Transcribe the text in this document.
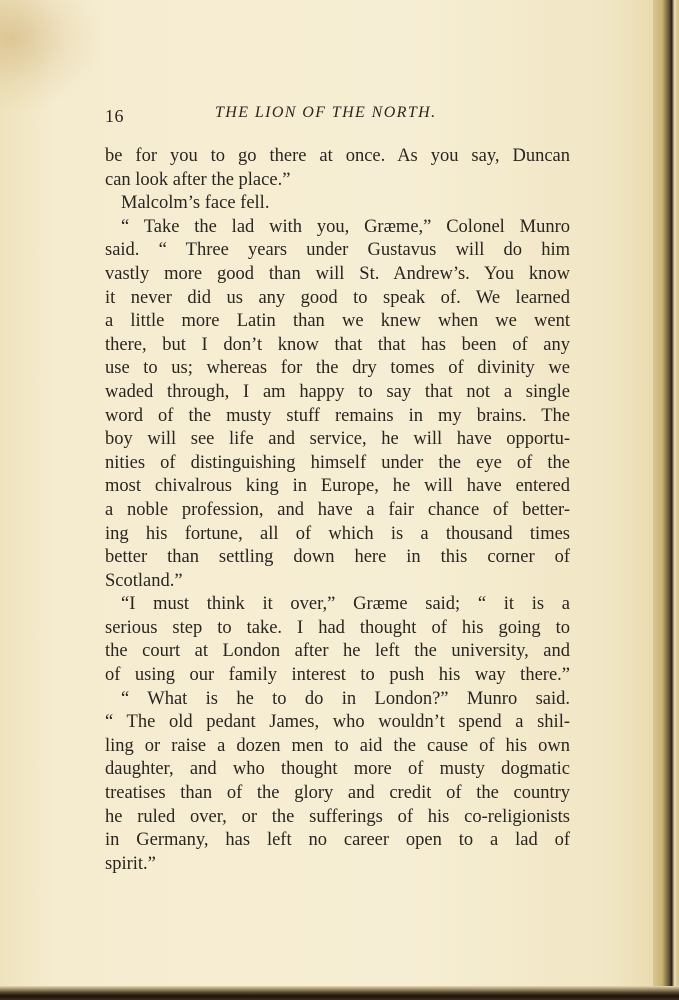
16	THE LION OF THE NORTH.
be for you to go there at once. As you say, Duncan
can look after the place.”
Malcolm’s face fell.
“ Take the lad with you, Græme,” Colonel Munro
said. “ Three years under Gustavus will do him
vastly more good than will St. Andrew’s. You know
it never did us any good to speak of. We learned
a little more Latin than we knew when we went
there, but I don’t know that that has been of any
use to us; whereas for the dry tomes of divinity we
waded through, I am happy to say that not a single
word of the musty stuff remains in my brains. The
boy will see life and service, he will have opportu-
nities of distinguishing himself under the eye of the
most chivalrous king in Europe, he will have entered
a noble profession, and have a fair chance of better-
ing his fortune, all of which is a thousand times
better than settling down here in this corner of
Scotland.”
“I must think it over,” Græme said; “ it is a
serious step to take. I had thought of his going to
the court at London after he left the university, and
of using our family interest to push his way there.”
“ What is he to do in London?” Munro said.
“ The old pedant James, who wouldn’t spend a shil-
ling or raise a dozen men to aid the cause of his own
daughter, and who thought more of musty dogmatic
treatises than of the glory and credit of the country
he ruled over, or the sufferings of his co-religionists
in Germany, has left no career open to a lad of
spirit.”
